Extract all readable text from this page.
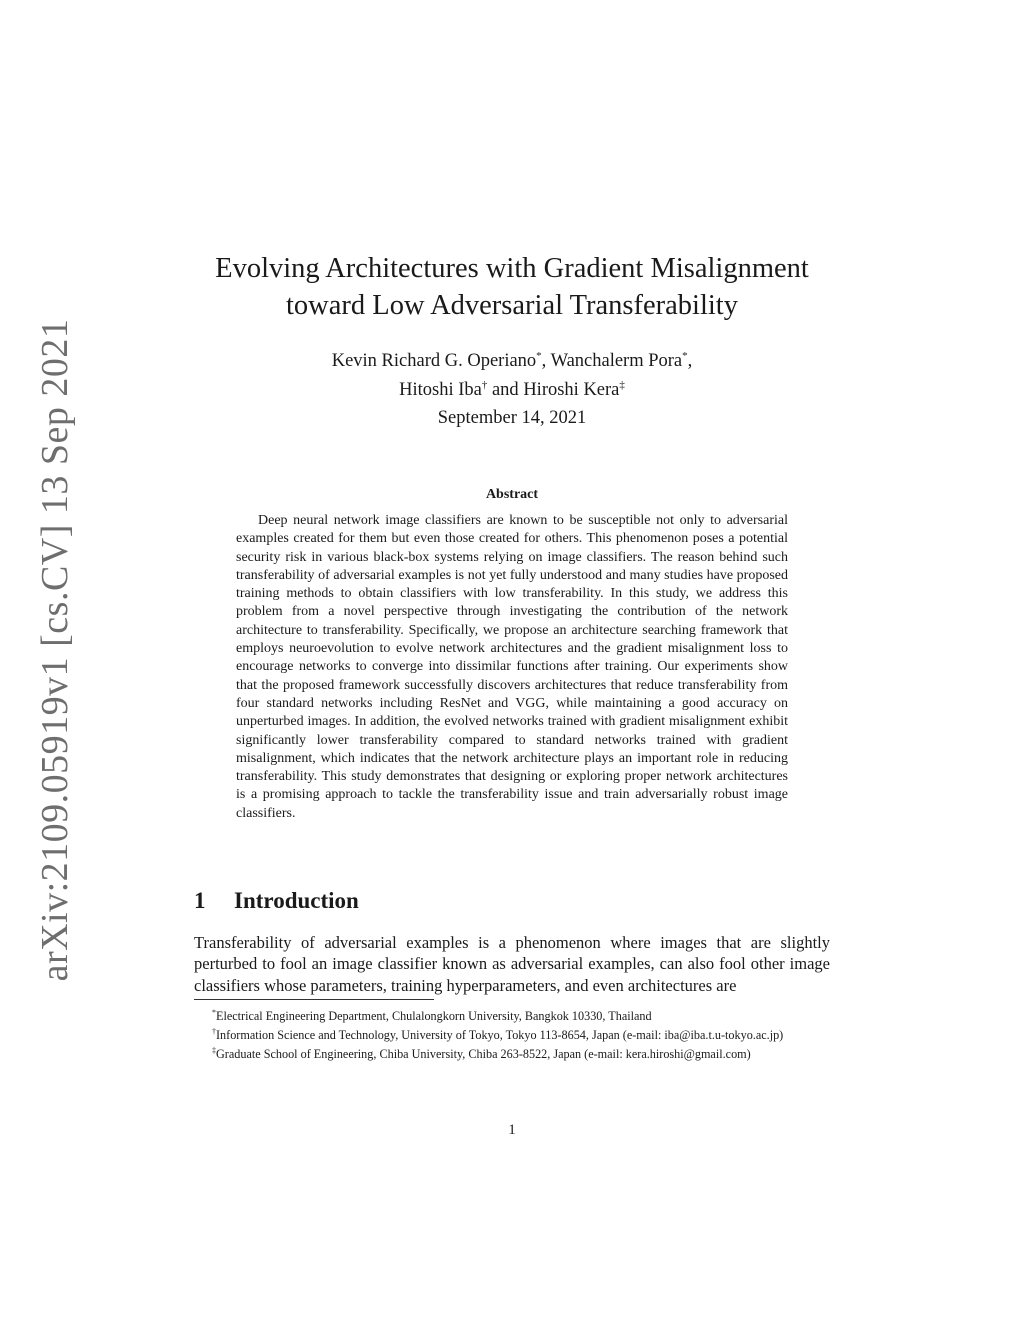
arXiv:2109.05919v1 [cs.CV] 13 Sep 2021
Evolving Architectures with Gradient Misalignment
toward Low Adversarial Transferability
Kevin Richard G. Operiano*, Wanchalerm Pora*,
Hitoshi Iba† and Hiroshi Kera‡
September 14, 2021
Abstract

Deep neural network image classifiers are known to be susceptible not only to adversarial examples created for them but even those created for others. This phenomenon poses a potential security risk in various black-box systems relying on image classifiers. The reason behind such transferability of adversarial examples is not yet fully understood and many studies have proposed training methods to obtain classifiers with low transferability. In this study, we address this problem from a novel perspective through investigating the contribution of the network architecture to transferability. Specifically, we propose an architecture searching framework that employs neuroevolution to evolve network architectures and the gradient misalignment loss to encourage networks to converge into dissimilar functions after training. Our experiments show that the proposed framework successfully discovers architectures that reduce transferability from four standard networks including ResNet and VGG, while maintaining a good accuracy on unperturbed images. In addition, the evolved networks trained with gradient misalignment exhibit significantly lower transferability compared to standard networks trained with gradient misalignment, which indicates that the network architecture plays an important role in reducing transferability. This study demonstrates that designing or exploring proper network architectures is a promising approach to tackle the transferability issue and train adversarially robust image classifiers.

1 Introduction

Transferability of adversarial examples is a phenomenon where images that are slightly perturbed to fool an image classifier known as adversarial examples, can also fool other image classifiers whose parameters, training hyperparameters, and even architectures are

*Electrical Engineering Department, Chulalongkorn University, Bangkok 10330, Thailand

†Information Science and Technology, University of Tokyo, Tokyo 113-8654, Japan (e-mail: iba@iba.t.u-tokyo.ac.jp)

‡Graduate School of Engineering, Chiba University, Chiba 263-8522, Japan (e-mail: kera.hiroshi@gmail.com)

1
